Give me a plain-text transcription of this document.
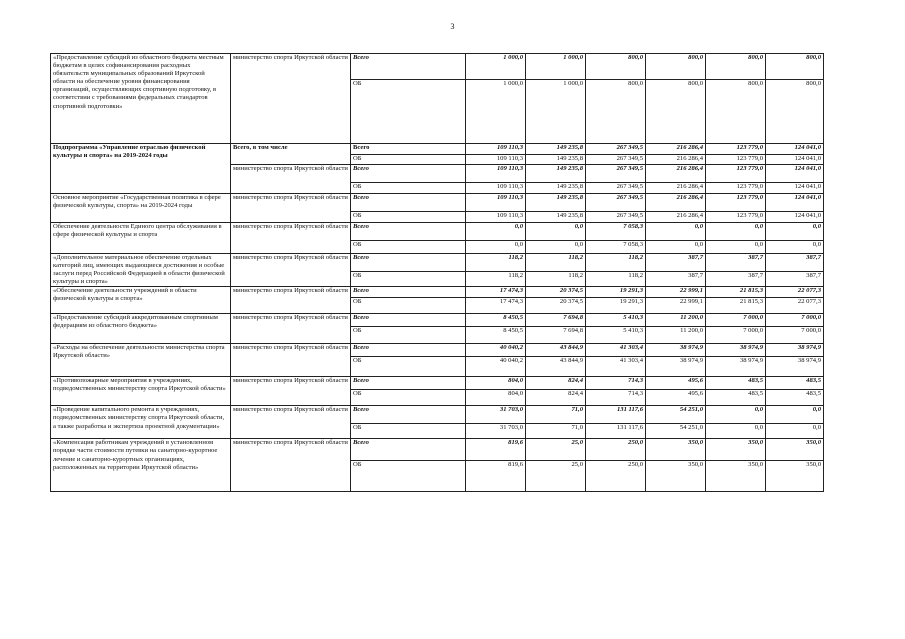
3
«Предоставление субсидий из областного бюджета местным бюджетам в целях софинансирования расходных обязательств муниципальных образований Иркутской области на обеспечение уровня финансирования организаций, осуществляющих спортивную подготовку, в соответствии с требованиями федеральных стандартов спортивной подготовки»	министерство спорта Иркутской области	Всего	1 000,0	1 000,0	800,0	800,0	800,0	800,0
		ОБ	1 000,0	1 000,0	800,0	800,0	800,0	800,0
Подпрограмма «Управление отраслью физической культуры и спорта» на 2019-2024 годы	Всего, в том числе	Всего	109 110,3	149 235,8	267 349,5	216 286,4	123 779,0	124 041,0
		ОБ	109 110,3	149 235,8	267 349,5	216 286,4	123 779,0	124 041,0
	министерство спорта Иркутской области	Всего	109 110,3	149 235,8	267 349,5	216 286,4	123 779,0	124 041,0
		ОБ	109 110,3	149 235,8	267 349,5	216 286,4	123 779,0	124 041,0
Основное мероприятие «Государственная политика в сфере физической культуры, спорта» на 2019-2024 годы	министерство спорта Иркутской области	Всего	109 110,3	149 235,8	267 349,5	216 286,4	123 779,0	124 041,0
		ОБ	109 110,3	149 235,8	267 349,5	216 286,4	123 779,0	124 041,0
Обеспечение деятельности Единого центра обслуживания в сфере физической культуры и спорта	министерство спорта Иркутской области	Всего	0,0	0,0	7 058,3	0,0	0,0	0,0
		ОБ	0,0	0,0	7 058,3	0,0	0,0	0,0
«Дополнительное материальное обеспечение отдельных категорий лиц, имеющих выдающиеся достижения и особые заслуги перед Российской Федерацией в области физической культуры и спорта»	министерство спорта Иркутской области	Всего	118,2	118,2	118,2	387,7	387,7	387,7
		ОБ	118,2	118,2	118,2	387,7	387,7	387,7
«Обеспечение деятельности учреждений в области физической культуры и спорта»	министерство спорта Иркутской области	Всего	17 474,3	20 374,5	19 291,3	22 999,1	21 815,3	22 077,3
		ОБ	17 474,3	20 374,5	19 291,3	22 999,1	21 815,3	22 077,3
«Предоставление субсидий аккредитованным спортивным федерациям из областного бюджета»	министерство спорта Иркутской области	Всего	8 450,5	7 694,8	5 410,3	11 200,0	7 000,0	7 000,0
		ОБ	8 450,5	7 694,8	5 410,3	11 200,0	7 000,0	7 000,0
«Расходы на обеспечение деятельности министерства спорта Иркутской области»	министерство спорта Иркутской области	Всего	40 040,2	43 844,9	41 303,4	38 974,9	38 974,9	38 974,9
		ОБ	40 040,2	43 844,9	41 303,4	38 974,9	38 974,9	38 974,9
«Противопожарные мероприятия в учреждениях, подведомственных министерству спорта Иркутской области»	министерство спорта Иркутской области	Всего	804,0	824,4	714,3	495,6	483,5	483,5
		ОБ	804,0	824,4	714,3	495,6	483,5	483,5
«Проведение капитального ремонта в учреждениях, подведомственных министерству спорта Иркутской области, а также разработка и экспертиза проектной документации»	министерство спорта Иркутской области	Всего	31 703,0	71,0	131 117,6	54 251,0	0,0	0,0
		ОБ	31 703,0	71,0	131 117,6	54 251,0	0,0	0,0
«Компенсация работникам учреждений в установленном порядке части стоимости путевки на санаторно-курортное лечение и санаторно-курортных организациях, расположенных на территории Иркутской области»	министерство спорта Иркутской области	Всего	819,6	25,0	250,0	350,0	350,0	350,0
		ОБ	819,6	25,0	250,0	350,0	350,0	350,0
